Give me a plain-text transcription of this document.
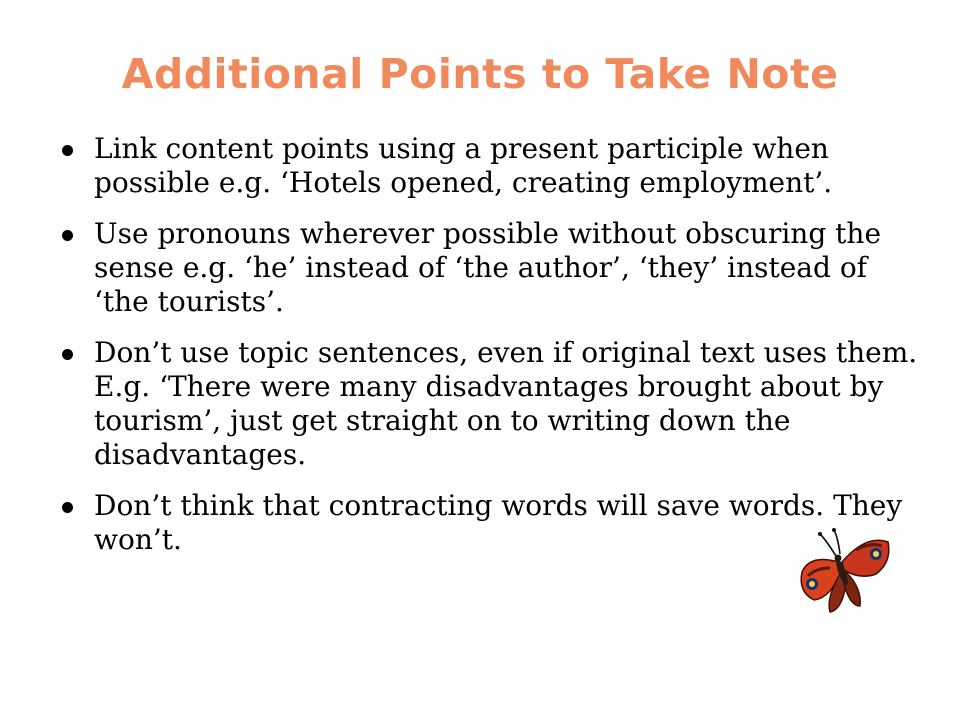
Additional Points to Take Note
Link content points using a present participle when possible e.g. ‘Hotels opened, creating employment’.
Use pronouns wherever possible without obscuring the sense e.g. ‘he’ instead of ‘the author’, ‘they’ instead of ‘the tourists’.
Don’t use topic sentences, even if original text uses them. E.g. ‘There were many disadvantages brought about by tourism’, just get straight on to writing down the disadvantages.
Don’t think that contracting words will save words. They won’t.
